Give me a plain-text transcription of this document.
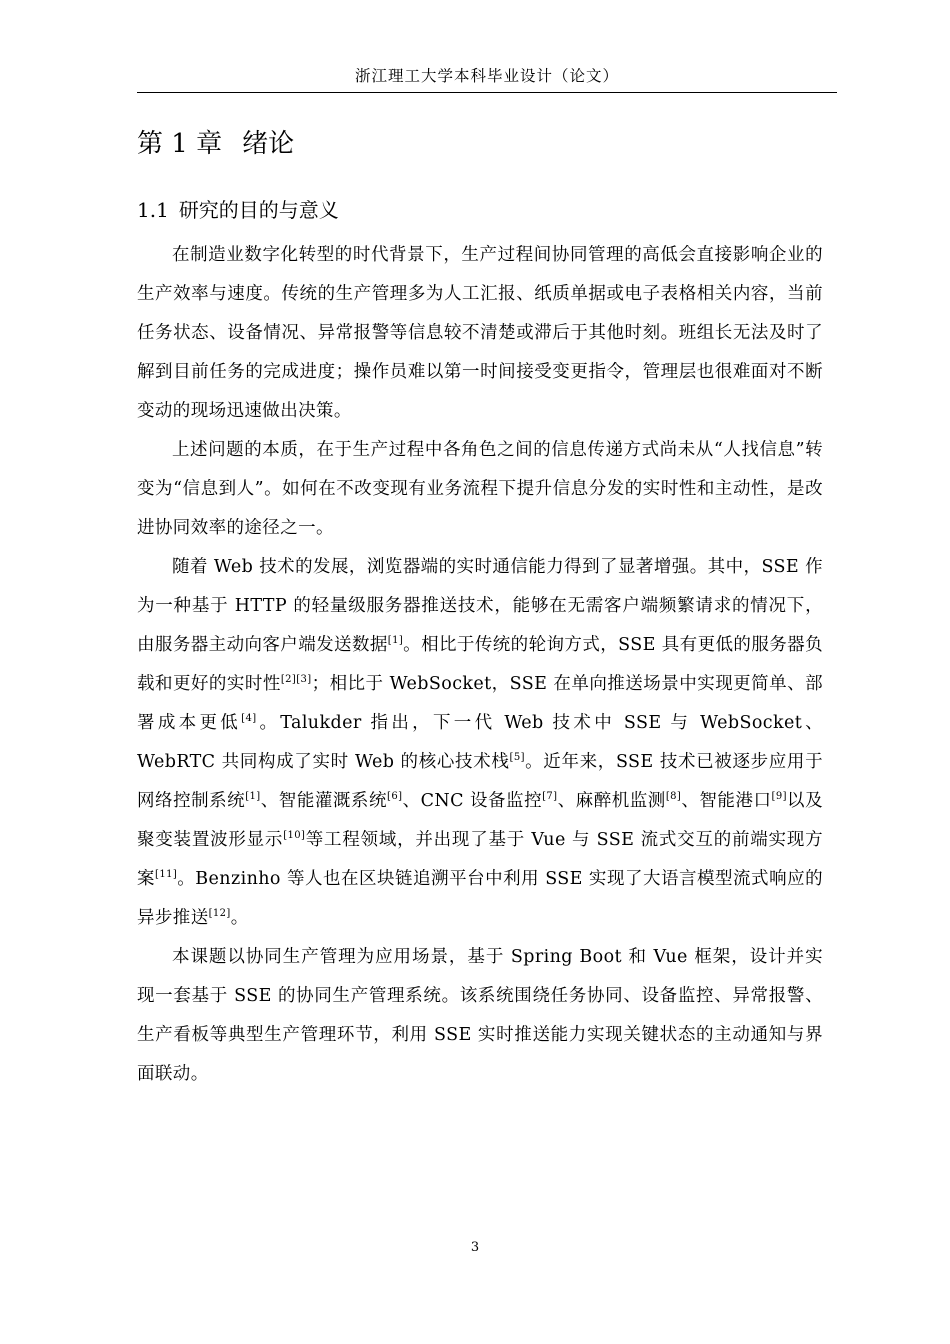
浙江理工大学本科毕业设计（论文）
第 1 章 绪论
1.1 研究的目的与意义

在制造业数字化转型的时代背景下，生产过程间协同管理的高低会直接影响企业的生产效率与速度。传统的生产管理多为人工汇报、纸质单据或电子表格相关内容，当前任务状态、设备情况、异常报警等信息较不清楚或滞后于其他时刻。班组长无法及时了解到目前任务的完成进度；操作员难以第一时间接受变更指令，管理层也很难面对不断变动的现场迅速做出决策。

上述问题的本质，在于生产过程中各角色之间的信息传递方式尚未从“人找信息”转变为“信息到人”。如何在不改变现有业务流程下提升信息分发的实时性和主动性，是改进协同效率的途径之一。

随着 Web 技术的发展，浏览器端的实时通信能力得到了显著增强。其中，SSE 作为一种基于 HTTP 的轻量级服务器推送技术，能够在无需客户端频繁请求的情况下，由服务器主动向客户端发送数据[1]。相比于传统的轮询方式，SSE 具有更低的服务器负载和更好的实时性[2][3]；相比于 WebSocket，SSE 在单向推送场景中实现更简单、部署成本更低[4]。Talukder 指出，下一代 Web 技术中 SSE 与 WebSocket、WebRTC 共同构成了实时 Web 的核心技术栈[5]。近年来，SSE 技术已被逐步应用于网络控制系统[1]、智能灌溉系统[6]、CNC 设备监控[7]、麻醉机监测[8]、智能港口[9]以及聚变装置波形显示[10]等工程领域，并出现了基于 Vue 与 SSE 流式交互的前端实现方案[11]。Benzinho 等人也在区块链追溯平台中利用 SSE 实现了大语言模型流式响应的异步推送[12]。

本课题以协同生产管理为应用场景，基于 Spring Boot 和 Vue 框架，设计并实现一套基于 SSE 的协同生产管理系统。该系统围绕任务协同、设备监控、异常报警、生产看板等典型生产管理环节，利用 SSE 实时推送能力实现关键状态的主动通知与界面联动。

3
